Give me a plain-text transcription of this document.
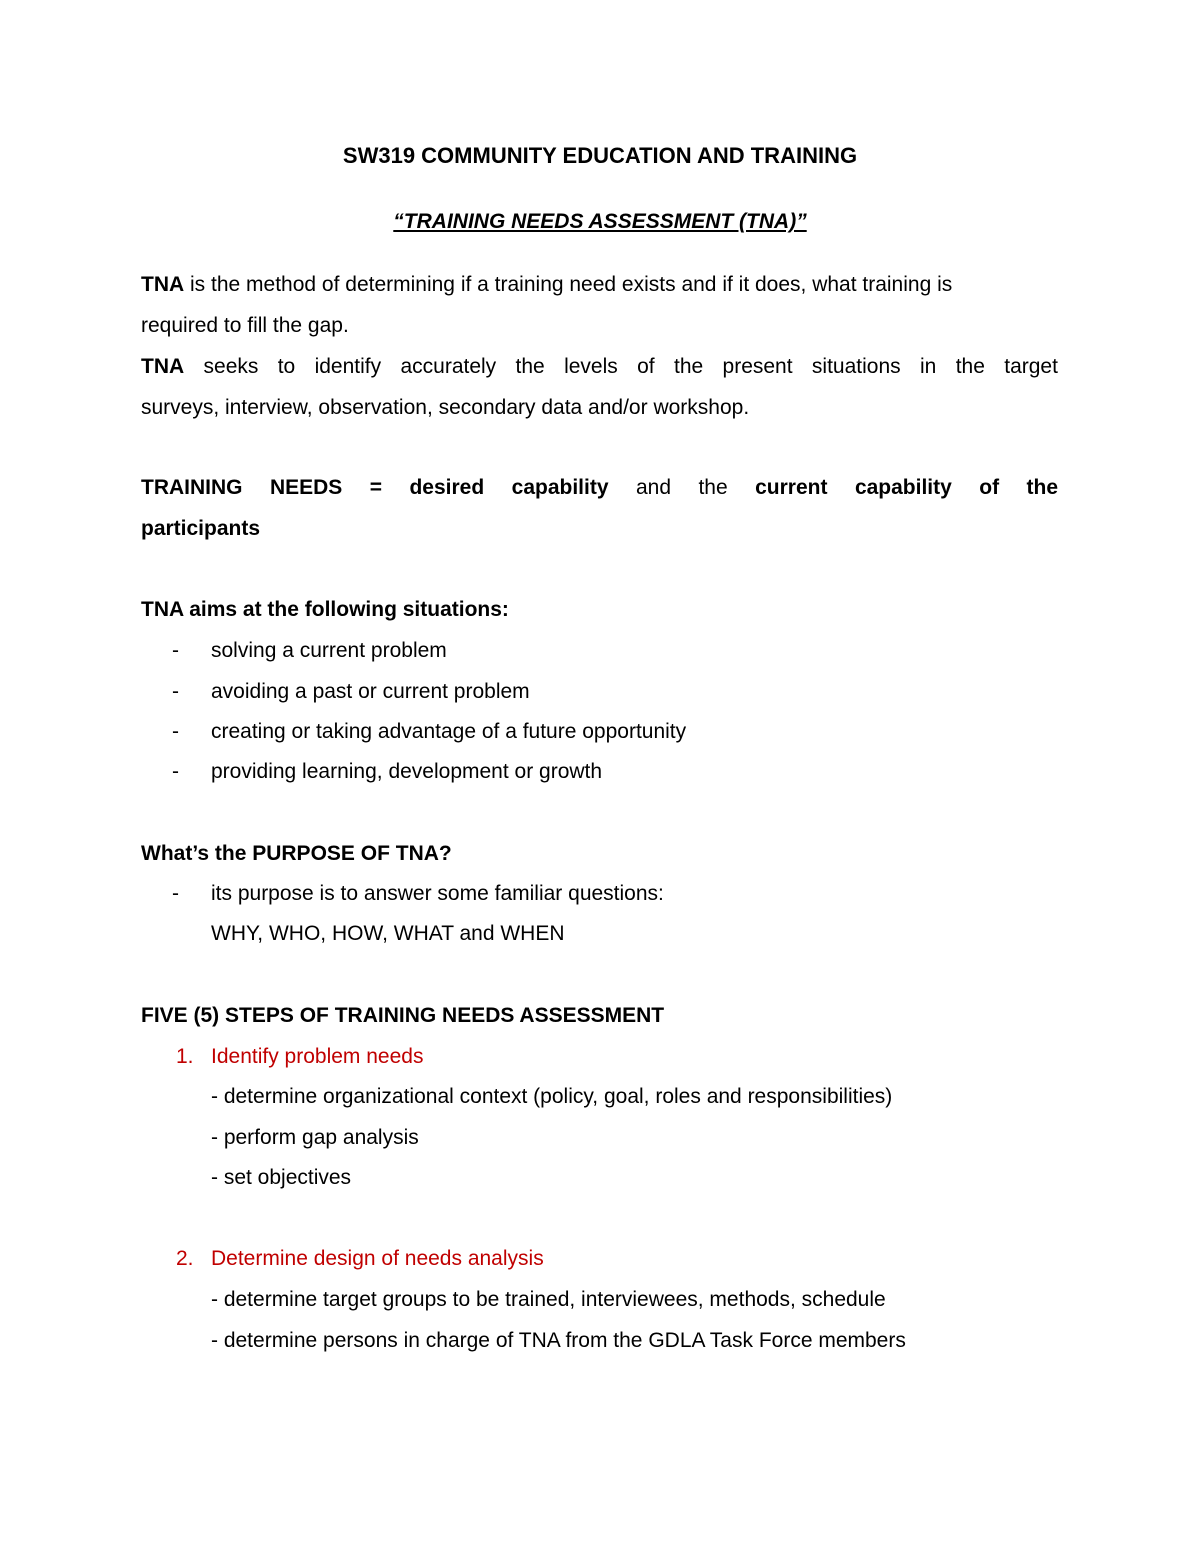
SW319 COMMUNITY EDUCATION AND TRAINING
“TRAINING NEEDS ASSESSMENT (TNA)”
TNA is the method of determining if a training need exists and if it does, what training is
required to fill the gap.
TNA seeks to identify accurately the levels of the present situations in the target
surveys, interview, observation, secondary data and/or workshop.
TRAINING NEEDS = desired capability and the current capability of the
participants
TNA aims at the following situations:
- solving a current problem
- avoiding a past or current problem
- creating or taking advantage of a future opportunity
- providing learning, development or growth
What’s the PURPOSE OF TNA?
- its purpose is to answer some familiar questions:
WHY, WHO, HOW, WHAT and WHEN
FIVE (5) STEPS OF TRAINING NEEDS ASSESSMENT
1. Identify problem needs
- determine organizational context (policy, goal, roles and responsibilities)
- perform gap analysis
- set objectives
2. Determine design of needs analysis
- determine target groups to be trained, interviewees, methods, schedule
- determine persons in charge of TNA from the GDLA Task Force members
